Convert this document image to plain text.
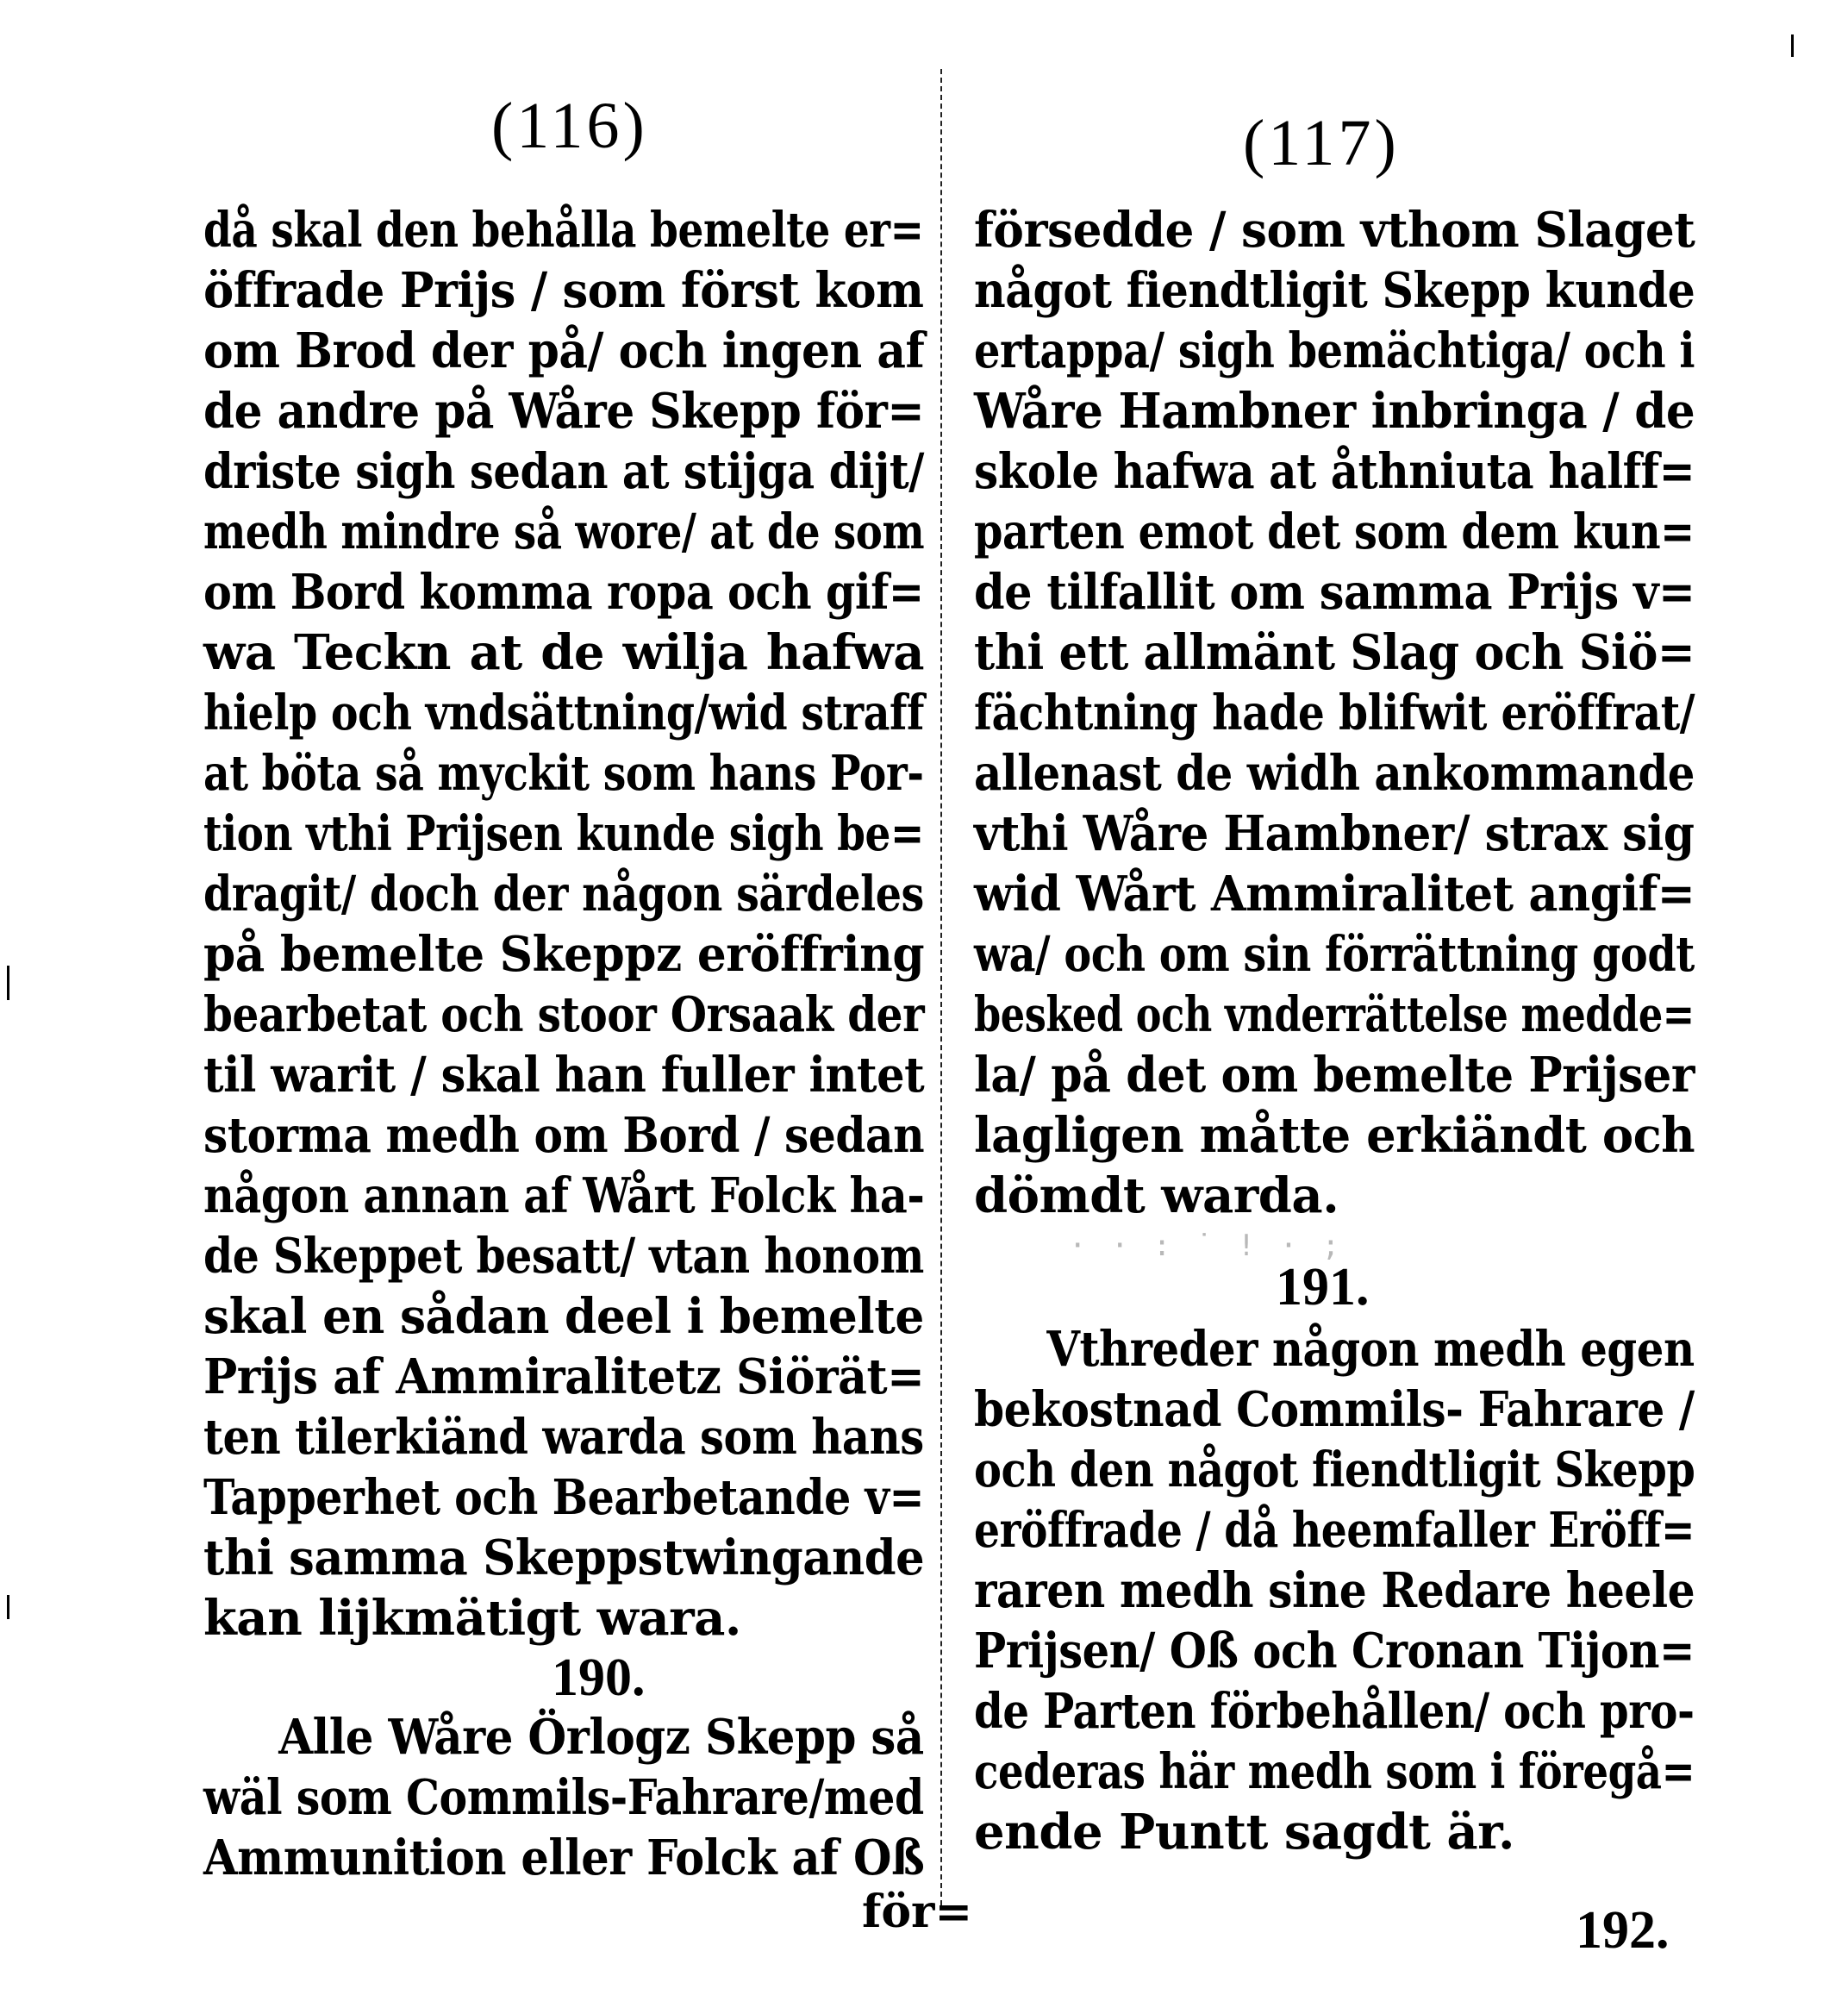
(116)
då skal den behålla bemelte er=
öffrade Prijs / som först kom
om Brod der på/ och ingen af
de andre på Wåre Skepp för=
driste sigh sedan at stijga dijt/
medh mindre så wore/ at de som
om Bord komma ropa och gif=
wa Teckn at de wilja hafwa
hielp och vndsättning/wid straff
at böta så myckit som hans Por-
tion vthi Prijsen kunde sigh be=
dragit/ doch der någon särdeles
på bemelte Skeppz eröffring
bearbetat och stoor Orsaak der
til warit / skal han fuller intet
storma medh om Bord / sedan
någon annan af Wårt Folck ha-
de Skeppet besatt/ vtan honom
skal en sådan deel i bemelte
Prijs af Ammiralitetz Siörät=
ten tilerkiänd warda som hans
Tapperhet och Bearbetande v=
thi samma Skeppstwingande
kan lijkmätigt wara.
190.
Alle Wåre Örlogz Skepp så
wäl som Commils-Fahrare/med
Ammunition eller Folck af Oß
för=
(117)
försedde / som vthom Slaget
något fiendtligit Skepp kunde
ertappa/ sigh bemächtiga/ och i
Wåre Hambner inbringa / de
skole hafwa at åthniuta halff=
parten emot det som dem kun=
de tilfallit om samma Prijs v=
thi ett allmänt Slag och Siö=
fächtning hade blifwit eröffrat/
allenast de widh ankommande
vthi Wåre Hambner/ strax sig
wid Wårt Ammiralitet angif=
wa/ och om sin förrättning godt
besked och vnderrättelse medde=
la/ på det om bemelte Prijser
lagligen måtte erkiändt och
dömdt warda.
· · : ˙ ! · ;
191.
Vthreder någon medh egen
bekostnad Commils- Fahrare /
och den något fiendtligit Skepp
eröffrade / då heemfaller Eröff=
raren medh sine Redare heele
Prijsen/ Oß och Cronan Tijon=
de Parten förbehållen/ och pro-
cederas här medh som i föregå=
ende Puntt sagdt är.
192.
